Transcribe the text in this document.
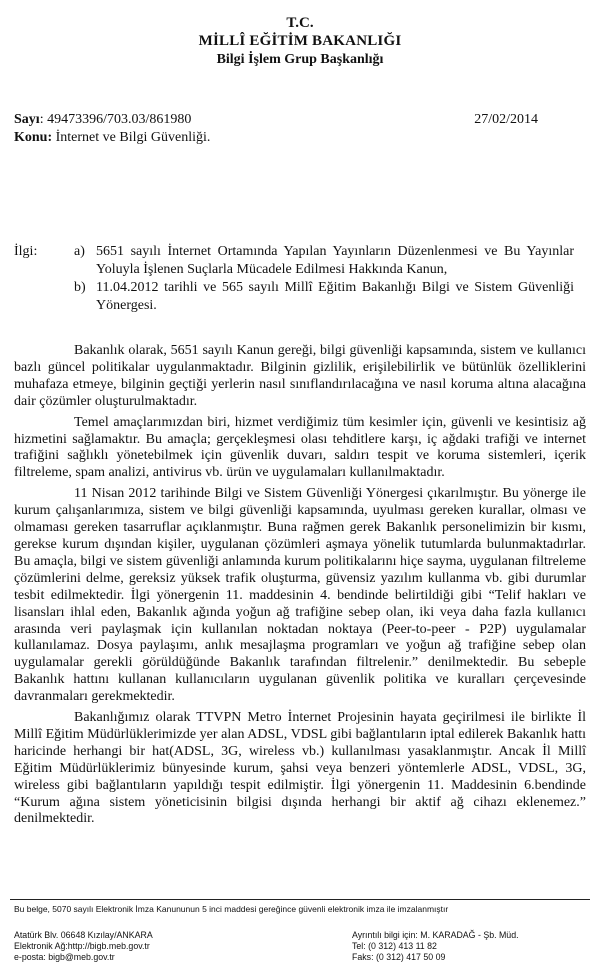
T.C.
MİLLÎ EĞİTİM BAKANLIĞI
Bilgi İşlem Grup Başkanlığı
Sayı: 49473396/703.03/861980	27/02/2014
Konu: İnternet ve Bilgi Güvenliği.
İlgi:	a) 5651 sayılı İnternet Ortamında Yapılan Yayınların Düzenlenmesi ve Bu Yayınlar Yoluyla İşlenen Suçlarla Mücadele Edilmesi Hakkında Kanun,
b) 11.04.2012 tarihli ve 565 sayılı Millî Eğitim Bakanlığı Bilgi ve Sistem Güvenliği Yönergesi.

Bakanlık olarak, 5651 sayılı Kanun gereği, bilgi güvenliği kapsamında, sistem ve kullanıcı bazlı güncel politikalar uygulanmaktadır. Bilginin gizlilik, erişilebilirlik ve bütünlük özelliklerini muhafaza etmeye, bilginin geçtiği yerlerin nasıl sınıflandırılacağına ve nasıl koruma altına alacağına dair çözümler oluşturulmaktadır.

Temel amaçlarımızdan biri, hizmet verdiğimiz tüm kesimler için, güvenli ve kesintisiz ağ hizmetini sağlamaktır. Bu amaçla; gerçekleşmesi olası tehditlere karşı, iç ağdaki trafiği ve internet trafiğini sağlıklı yönetebilmek için güvenlik duvarı, saldırı tespit ve koruma sistemleri, içerik filtreleme, spam analizi, antivirus vb. ürün ve uygulamaları kullanılmaktadır.

11 Nisan 2012 tarihinde Bilgi ve Sistem Güvenliği Yönergesi çıkarılmıştır. Bu yönerge ile kurum çalışanlarımıza, sistem ve bilgi güvenliği kapsamında, uyulması gereken kurallar, olması ve olmaması gereken tasarruflar açıklanmıştır. Buna rağmen gerek Bakanlık personelimizin bir kısmı, gerekse kurum dışından kişiler, uygulanan çözümleri aşmaya yönelik tutumlarda bulunmaktadırlar. Bu amaçla, bilgi ve sistem güvenliği anlamında kurum politikalarını hiçe sayma, uygulanan filtreleme çözümlerini delme, gereksiz yüksek trafik oluşturma, güvensiz yazılım kullanma vb. gibi durumlar tesbit edilmektedir. İlgi yönergenin 11. maddesinin 4. bendinde belirtildiği gibi “Telif hakları ve lisansları ihlal eden, Bakanlık ağında yoğun ağ trafiğine sebep olan, iki veya daha fazla kullanıcı arasında veri paylaşmak için kullanılan noktadan noktaya (Peer-to-peer - P2P) uygulamalar kullanılamaz. Dosya paylaşımı, anlık mesajlaşma programları ve yoğun ağ trafiğine sebep olan uygulamalar gerekli görüldüğünde Bakanlık tarafından filtrelenir.” denilmektedir. Bu sebeple Bakanlık hattını kullanan kullanıcıların uygulanan güvenlik politika ve kuralları çerçevesinde davranmaları gerekmektedir.

Bakanlığımız olarak TTVPN Metro İnternet Projesinin hayata geçirilmesi ile birlikte İl Millî Eğitim Müdürlüklerimizde yer alan ADSL, VDSL gibi bağlantıların iptal edilerek Bakanlık hattı haricinde herhangi bir hat(ADSL, 3G, wireless vb.) kullanılması yasaklanmıştır. Ancak İl Millî Eğitim Müdürlüklerimiz bünyesinde kurum, şahsi veya benzeri yöntemlerle ADSL, VDSL, 3G, wireless gibi bağlantıların yapıldığı tespit edilmiştir. İlgi yönergenin 11. Maddesinin 6.bendinde “Kurum ağına sistem yöneticisinin bilgisi dışında herhangi bir aktif ağ cihazı eklenemez.” denilmektedir.

Bu belge, 5070 sayılı Elektronik İmza Kanununun 5 inci maddesi gereğince güvenli elektronik imza ile imzalanmıştır
Atatürk Blv. 06648 Kızılay/ANKARA
Elektronik Ağ:http://bigb.meb.gov.tr
e-posta: bigb@meb.gov.tr
Ayrıntılı bilgi için: M. KARADAĞ - Şb. Müd.
Tel: (0 312) 413 11 82
Faks: (0 312) 417 50 09
